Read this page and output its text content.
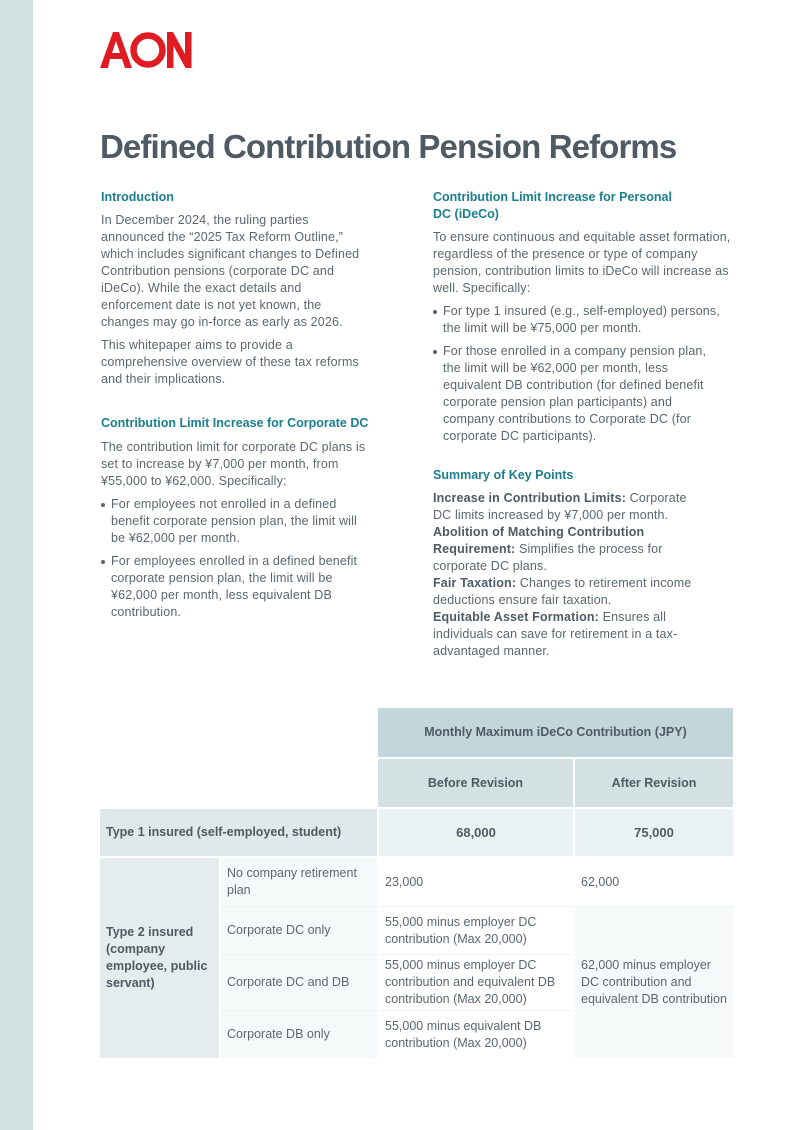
Defined Contribution Pension Reforms
Introduction

In December 2024, the ruling parties announced the “2025 Tax Reform Outline,” which includes significant changes to Defined Contribution pensions (corporate DC and iDeCo). While the exact details and enforcement date is not yet known, the changes may go in-force as early as 2026.

This whitepaper aims to provide a comprehensive overview of these tax reforms and their implications.

Contribution Limit Increase for Corporate DC

The contribution limit for corporate DC plans is set to increase by ¥7,000 per month, from ¥55,000 to ¥62,000. Specifically:

For employees not enrolled in a defined benefit corporate pension plan, the limit will be ¥62,000 per month.
For employees enrolled in a defined benefit corporate pension plan, the limit will be ¥62,000 per month, less equivalent DB contribution.
Contribution Limit Increase for Personal DC (iDeCo)

To ensure continuous and equitable asset formation, regardless of the presence or type of company pension, contribution limits to iDeCo will increase as well. Specifically:

For type 1 insured (e.g., self-employed) persons, the limit will be ¥75,000 per month.
For those enrolled in a company pension plan, the limit will be ¥62,000 per month, less equivalent DB contribution (for defined benefit corporate pension plan participants) and company contributions to Corporate DC (for corporate DC participants).
Summary of Key Points

Increase in Contribution Limits: Corporate DC limits increased by ¥7,000 per month.

Abolition of Matching Contribution Requirement: Simplifies the process for corporate DC plans.

Fair Taxation: Changes to retirement income deductions ensure fair taxation.

Equitable Asset Formation: Ensures all individuals can save for retirement in a tax-advantaged manner.

		Monthly Maximum iDeCo Contribution (JPY)	
		Before Revision	After Revision
Type 1 insured (self-employed, student)		68,000	75,000
Type 2 insured (company employee, public servant)	No company retirement plan	23,000	62,000
	Corporate DC only	55,000 minus employer DC contribution (Max 20,000)	62,000 minus employer DC contribution and equivalent DB contribution
	Corporate DC and DB	55,000 minus employer DC contribution and equivalent DB contribution (Max 20,000)	
	Corporate DB only	55,000 minus equivalent DB contribution (Max 20,000)	
